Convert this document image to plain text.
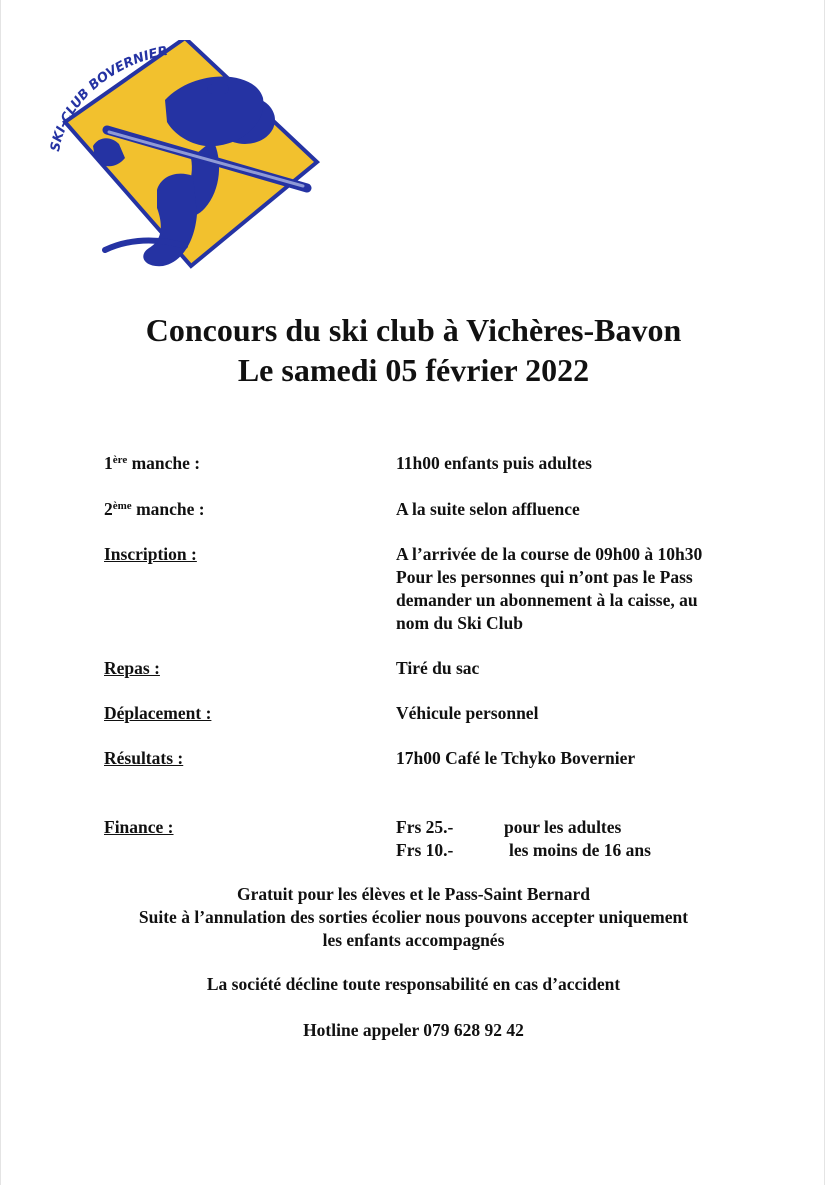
SKI-CLUB BOVERNIER
Concours du ski club à Vichères-Bavon
Le samedi 05 février 2022
1ère manche :	11h00 enfants puis adultes
2ème manche :	A la suite selon affluence
Inscription :	A l’arrivée de la course de 09h00 à 10h30
Pour les personnes qui n’ont pas le Pass
demander un abonnement à la caisse, au
nom du Ski Club
Repas :	Tiré du sac
Déplacement :	Véhicule personnel
Résultats :	17h00 Café le Tchyko Bovernier
Finance :	Frs 25.-	pour les adultes
Frs 10.-	les moins de 16 ans
Gratuit pour les élèves et le Pass-Saint Bernard
Suite à l’annulation des sorties écolier nous pouvons accepter uniquement
les enfants accompagnés
La société décline toute responsabilité en cas d’accident
Hotline appeler 079 628 92 42
